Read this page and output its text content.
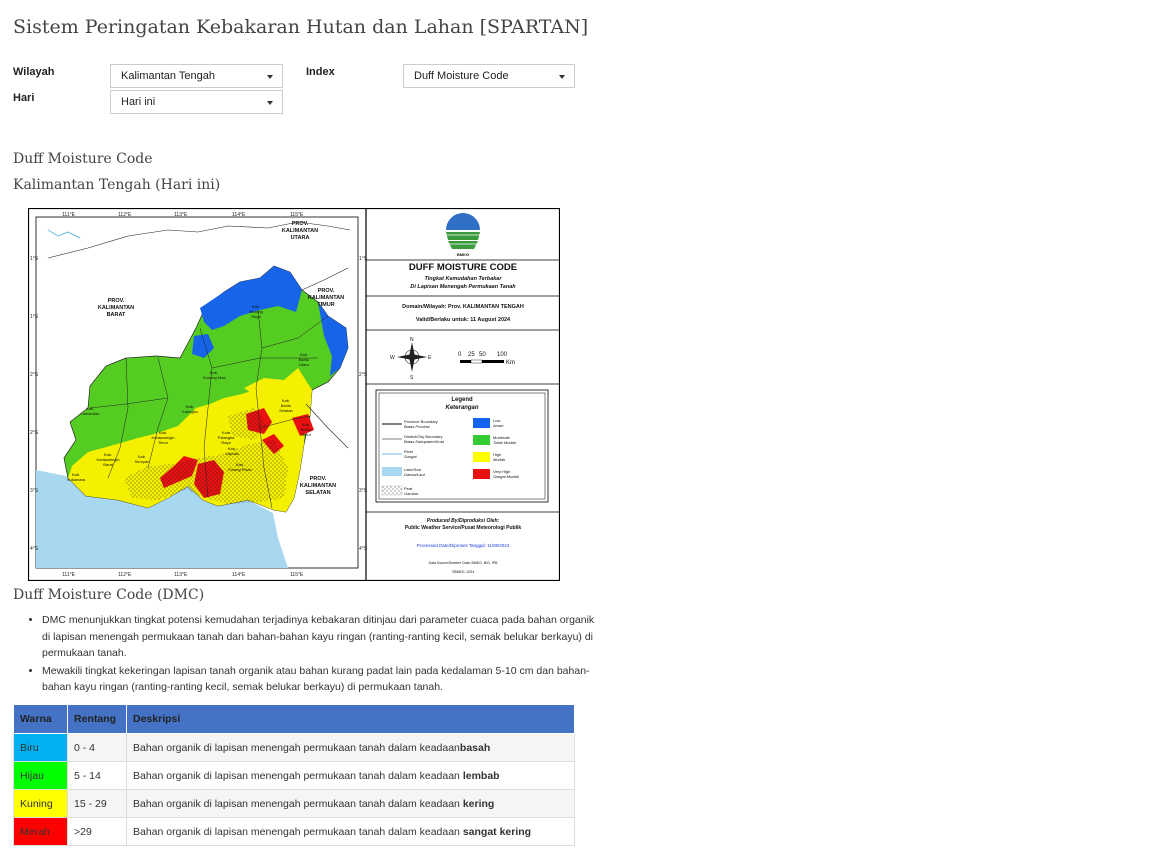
Sistem Peringatan Kebakaran Hutan dan Lahan [SPARTAN]
Wilayah	Kalimantan Tengah
Hari	Hari ini
Index	Duff Moisture Code
Duff Moisture Code
Kalimantan Tengah (Hari ini)
111°E	112°E	113°E	114°E	115°E
111°E	112°E	113°E	114°E	115°E
1°S
1°S
2°S
2°S
3°S
4°S
1°S
2°S
3°S
4°S
PROV.
KALIMANTAN
UTARA
PROV.
KALIMANTAN
BARAT
PROV.
KALIMANTAN
TIMUR
PROV.
KALIMANTAN
SELATAN
Kab.
Murung
Raya
Kab.
Barito
Utara
Kab.
Gunung Mas
Kab.
Lamandau
Kab.
Katingan
Kab.
Barito
Selatan
Kab.
Kotawaringin
Timur
Kab.
Kapuas
Kab.
Kotawaringin
Barat
Kab.
Seruyan
Kota
Palangka
Raya
Kab.
Barito
Timur
Kab.
Sukamara
Kab.
Pulang Pisau
BMKG
DUFF MOISTURE CODE
Tingkat Kemudahan Terbakar
Di Lapisan Menengah Permukaan Tanah
Domain/Wilayah: Prov. KALIMANTAN TENGAH
Valid/Berlaku untuk: 11 August 2024
N
S
E
W	0 25 50 100
Km
Legend
Keterangan
Province Boundary
Batas Provinsi
District/City Boundary
Batas Kabupaten/Kota
River
Sungai
Lake/Sea
Danau/Laut
Peat
Gambut
Low
Aman
Moderate
Tidak Mudah
High
Mudah
Very High
Sangat Mudah
Produced By/Diproduksi Oleh:
Public Weather Service/Pusat Meteorologi Publik
Processed Date/Diproses Tanggal: 11/08/2024
Data Source/Sumber Data: BMKG, BIG, IPB
©BMKG, 2024
Duff Moisture Code (DMC)
• DMC menunjukkan tingkat potensi kemudahan terjadinya kebakaran ditinjau dari parameter cuaca pada bahan organik di lapisan menengah permukaan tanah dan bahan-bahan kayu ringan (ranting-ranting kecil, semak belukar berkayu) di permukaan tanah.
• Mewakili tingkat kekeringan lapisan tanah organik atau bahan kurang padat lain pada kedalaman 5-10 cm dan bahan-bahan kayu ringan (ranting-ranting kecil, semak belukar berkayu) di permukaan tanah.
Warna	Rentang	Deskripsi
Biru	0 - 4	Bahan organik di lapisan menengah permukaan tanah dalam keadaanbasah
Hijau	5 - 14	Bahan organik di lapisan menengah permukaan tanah dalam keadaan lembab
Kuning	15 - 29	Bahan organik di lapisan menengah permukaan tanah dalam keadaan kering
Merah	>29	Bahan organik di lapisan menengah permukaan tanah dalam keadaan sangat kering
